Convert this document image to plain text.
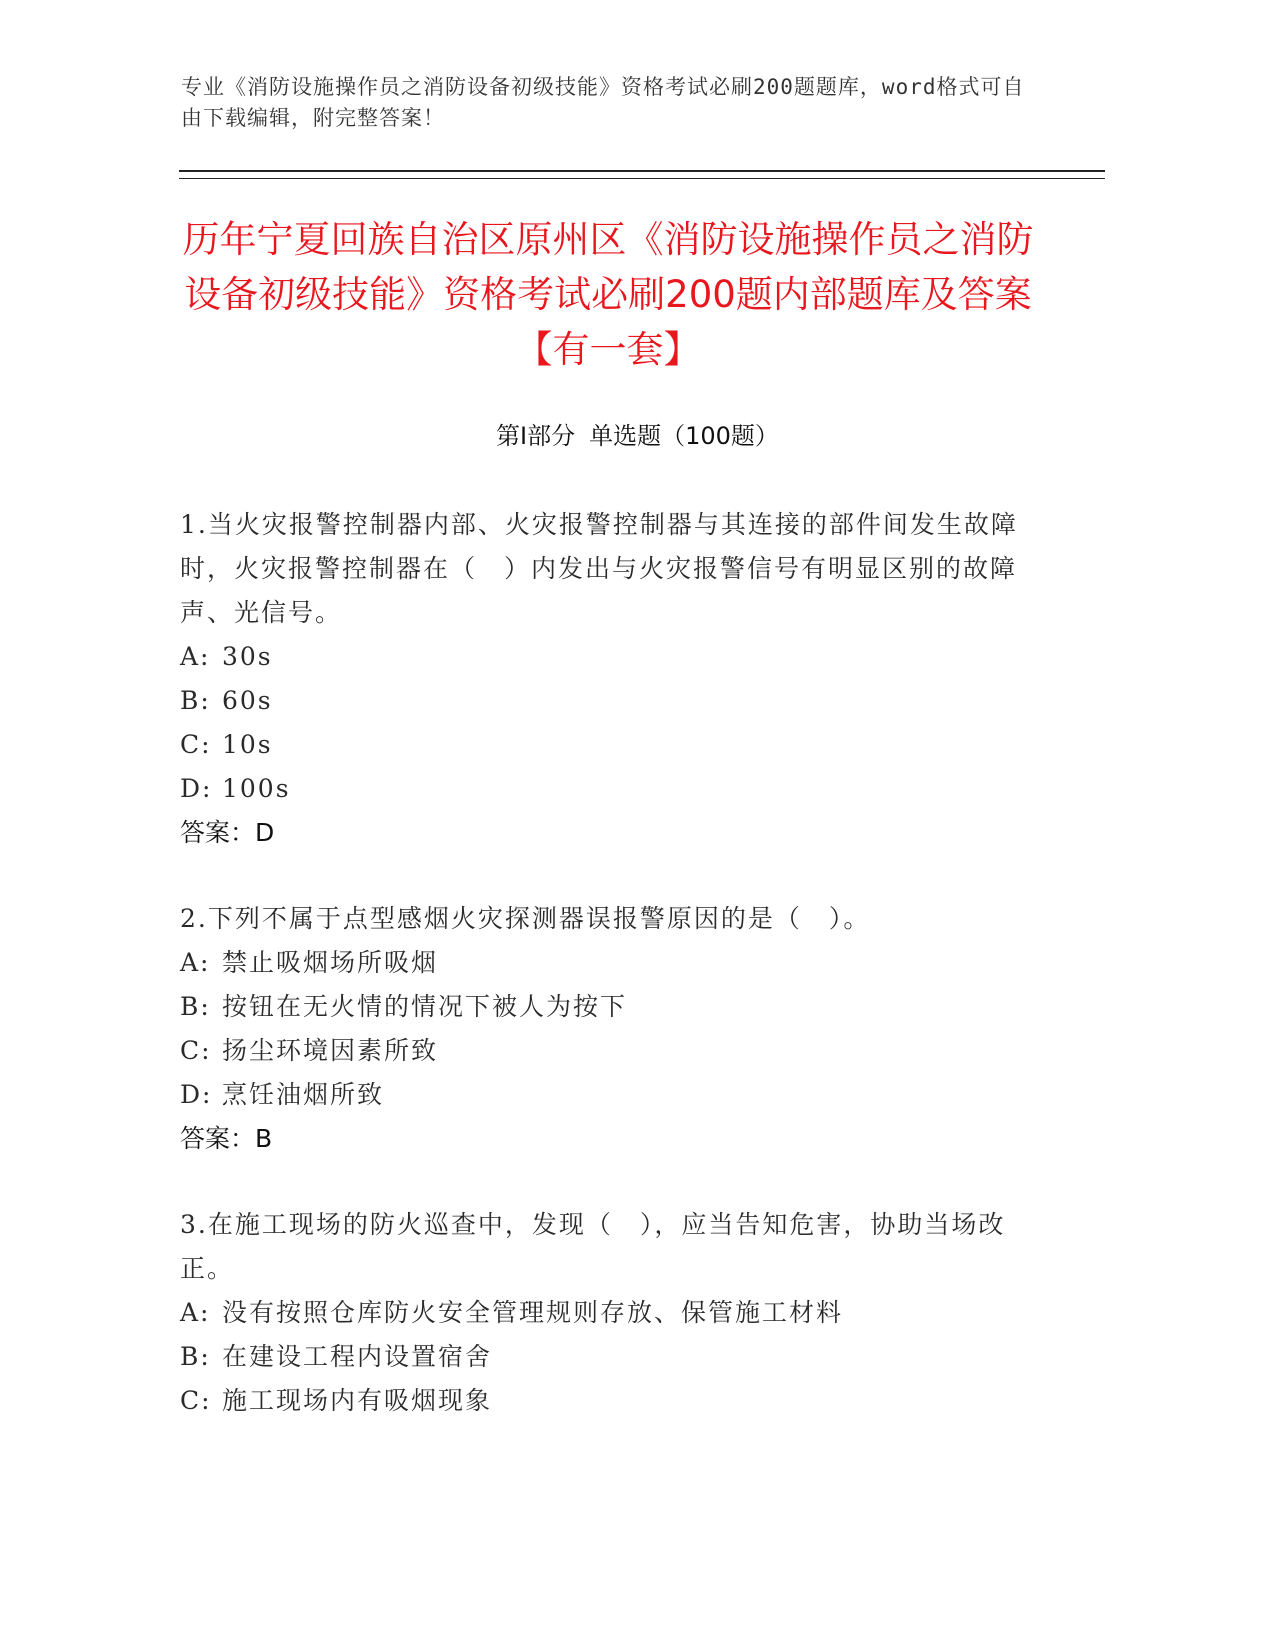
专业《消防设施操作员之消防设备初级技能》资格考试必刷200题题库，word格式可自由下载编辑，附完整答案！
历年宁夏回族自治区原州区《消防设施操作员之消防设备初级技能》资格考试必刷200题内部题库及答案【有一套】
第Ⅰ部分 单选题（100题）
1.当火灾报警控制器内部、火灾报警控制器与其连接的部件间发生故障时，火灾报警控制器在（　）内发出与火灾报警信号有明显区别的故障声、光信号。
A: 30s
B: 60s
C: 10s
D: 100s
答案：D
2.下列不属于点型感烟火灾探测器误报警原因的是（　）。
A: 禁止吸烟场所吸烟
B: 按钮在无火情的情况下被人为按下
C: 扬尘环境因素所致
D: 烹饪油烟所致
答案：B
3.在施工现场的防火巡查中，发现（　），应当告知危害，协助当场改正。
A: 没有按照仓库防火安全管理规则存放、保管施工材料
B: 在建设工程内设置宿舍
C: 施工现场内有吸烟现象
